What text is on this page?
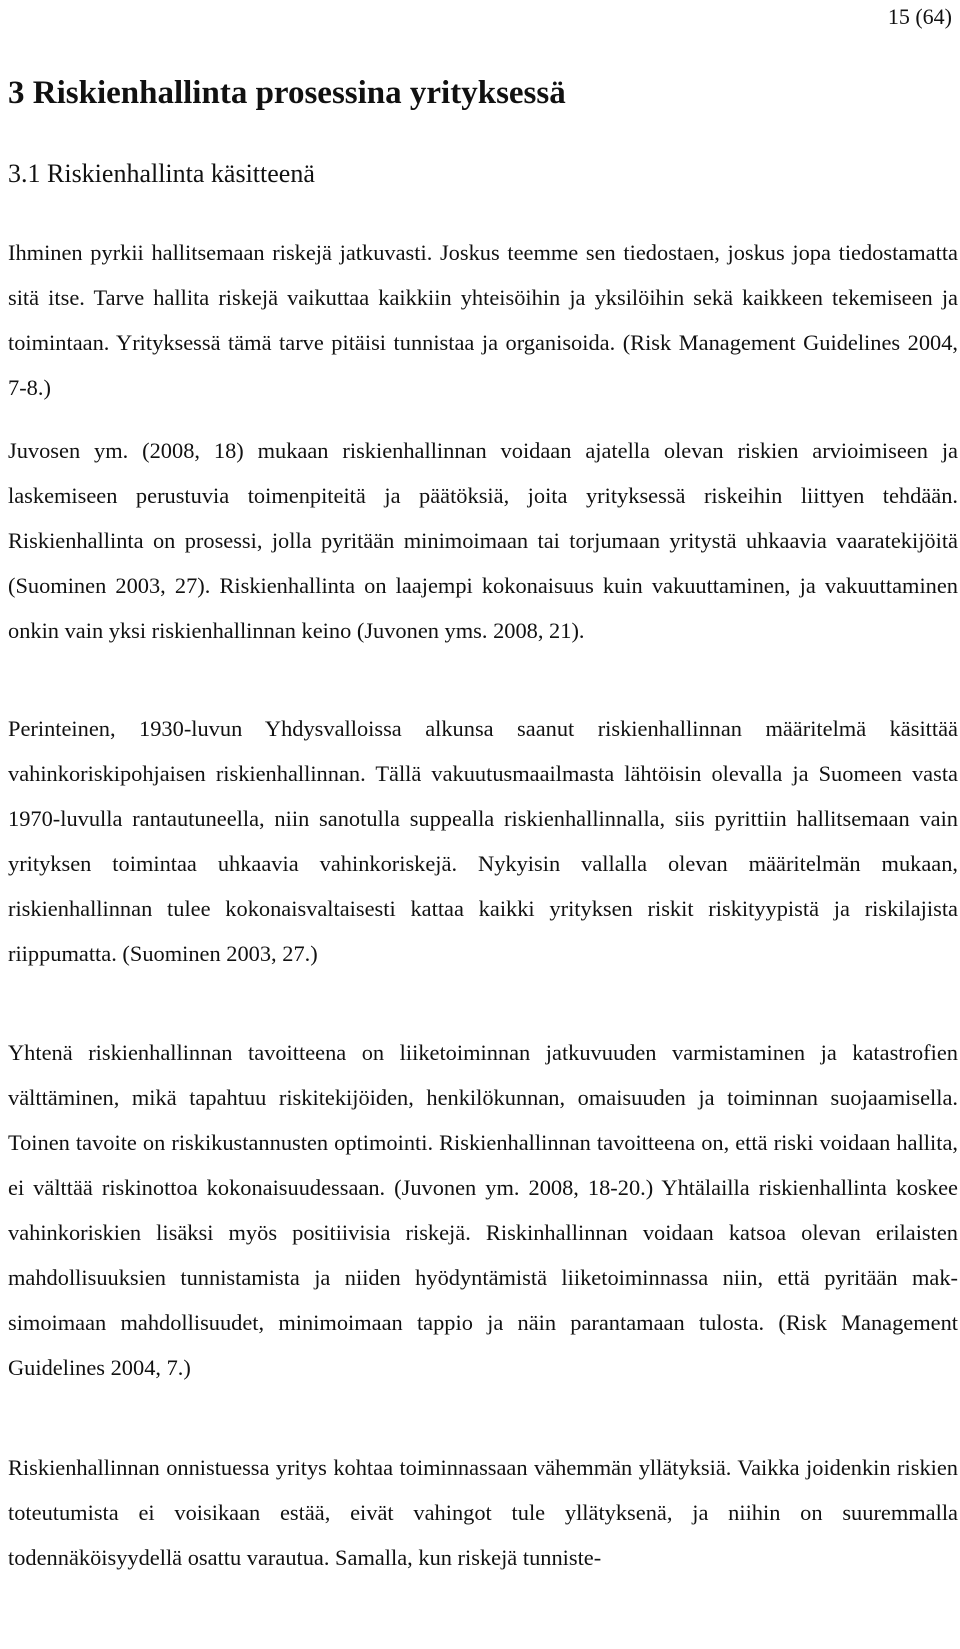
15 (64)
3 Riskienhallinta prosessina yrityksessä
3.1 Riskienhallinta käsitteenä

Ihminen pyrkii hallitsemaan riskejä jatkuvasti. Joskus teemme sen tiedostaen, joskus jopa tiedostamatta sitä itse. Tarve hallita riskejä vaikuttaa kaikkiin yhteisöihin ja yksilöihin sekä kaikkeen tekemiseen ja toimintaan. Yrityksessä tämä tarve pitäisi tunnistaa ja organisoida. (Risk Management Guidelines 2004, 7-8.)

Juvosen ym. (2008, 18) mukaan riskienhallinnan voidaan ajatella olevan riskien arvioimiseen ja laskemiseen perustuvia toimenpiteitä ja päätöksiä, joita yrityksessä riskeihin liittyen tehdään. Riskienhallinta on prosessi, jolla pyritään minimoimaan tai torjumaan yritystä uhkaavia vaaratekijöitä (Suominen 2003, 27). Riskienhallinta on laajempi kokonaisuus kuin vakuuttaminen, ja vakuuttaminen onkin vain yksi riskienhallinnan keino (Juvonen yms. 2008, 21).

Perinteinen, 1930-luvun Yhdysvalloissa alkunsa saanut riskienhallinnan määritelmä käsittää vahinkoriskipohjaisen riskienhallinnan. Tällä vakuutusmaailmasta lähtöisin olevalla ja Suomeen vasta 1970-luvulla rantautuneella, niin sanotulla suppealla riskienhallinnalla, siis pyrittiin hallitsemaan vain yrityksen toimintaa uhkaavia vahinkoriskejä. Nykyisin vallalla olevan määritelmän mukaan, riskienhallinnan tulee kokonaisvaltaisesti kattaa kaikki yrityksen riskit riskityypistä ja riskilajista riippumatta. (Suominen 2003, 27.)

Yhtenä riskienhallinnan tavoitteena on liiketoiminnan jatkuvuuden varmistaminen ja katastrofien välttäminen, mikä tapahtuu riskitekijöiden, henkilökunnan, omaisuuden ja toiminnan suojaamisella. Toinen tavoite on riskikustannusten optimointi. Riskienhallinnan tavoitteena on, että riski voidaan hallita, ei välttää riskinottoa kokonaisuudessaan. (Juvonen ym. 2008, 18-20.) Yhtälailla riskienhallinta koskee vahinkoriskien lisäksi myös positiivisia riskejä. Riskinhallinnan voidaan katsoa olevan erilaisten mahdollisuuksien tunnistamista ja niiden hyödyntämistä liiketoiminnassa niin, että pyritään maksimoimaan mahdollisuudet, minimoimaan tappio ja näin parantamaan tulosta. (Risk Management Guidelines 2004, 7.)

Riskienhallinnan onnistuessa yritys kohtaa toiminnassaan vähemmän yllätyksiä. Vaikka joidenkin riskien toteutumista ei voisikaan estää, eivät vahingot tule yllätyksenä, ja niihin on suuremmalla todennäköisyydellä osattu varautua. Samalla, kun riskejä tunniste-
